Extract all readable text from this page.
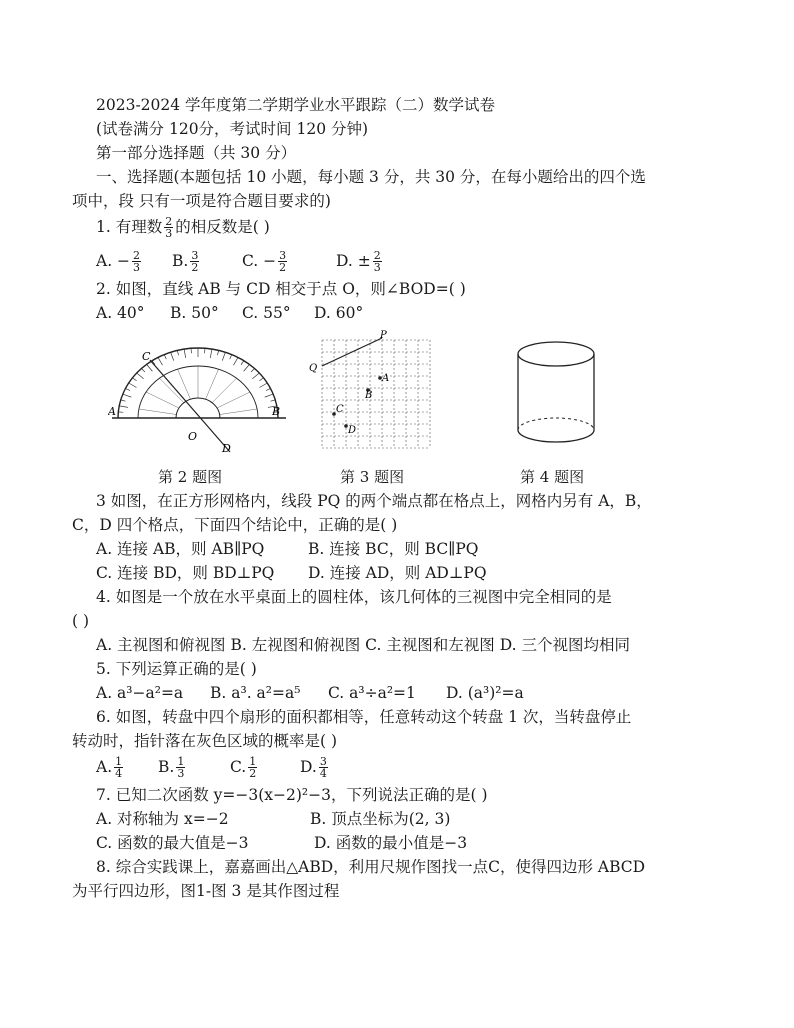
2023-2024 学年度第二学期学业水平跟踪（二）数学试卷
(试卷满分 120分，考试时间 120 分钟)
第一部分选择题（共 30 分）
一、选择题(本题包括 10 小题，每小题 3 分，共 30 分，在每小题给出的四个选
项中，段 只有一项是符合题目要求的)
1. 有理数 $\frac{2}{3}$ 的相反数是( )
A. − $\frac{2}{3} B$. $\frac{3}{2}$	C. − $\frac{3}{2}$	D. ± $\frac{2}{3}$
2. 如图，直线 AB 与 CD 相交于点 O，则∠BOD=( )
A. 40° B. 50° C. 55° D. 60°
C
A	B
O
D
P
Q
A
B
C
D
第 2 题图	第 3 题图	第 4 题图
3 如图，在正方形网格内，线段 PQ 的两个端点都在格点上，网格内另有 A，B，
C，D 四个格点，下面四个结论中，正确的是( )
A. 连接 AB，则 AB∥PQ	B. 连接 BC，则 BC∥PQ
C. 连接 BD，则 BD⊥PQ D. 连接 AD，则 AD⊥PQ
4. 如图是一个放在水平桌面上的圆柱体，该几何体的三视图中完全相同的是
( )
A. 主视图和俯视图 B. 左视图和俯视图 C. 主视图和左视图 D. 三个视图均相同
5. 下列运算正确的是( )
A. a³−a²=a B. a³. a²=a⁵ C. a³÷a²=1 D. (a³)²=a
6. 如图，转盘中四个扇形的面积都相等，任意转动这个转盘 1 次，当转盘停止
转动时，指针落在灰色区域的概率是( )
A. $\frac{1}{4} B$. $\frac{1}{3}$	C. $\frac{1}{2}$	D. $\frac{3}{4}$
7. 已知二次函数 y=−3(x−2)²−3，下列说法正确的是( )
A. 对称轴为 x=−2	B. 顶点坐标为(2, 3)
C. 函数的最大值是−3	D. 函数的最小值是−3
8. 综合实践课上，嘉嘉画出△ABD，利用尺规作图找一点C，使得四边形 ABCD
为平行四边形，图1-图 3 是其作图过程
